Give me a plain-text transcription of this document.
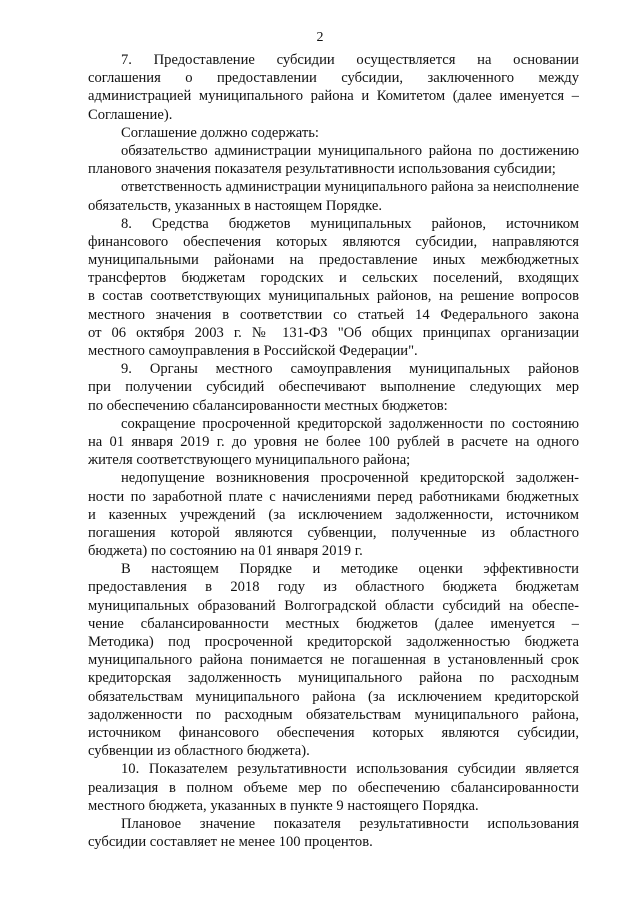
2
7. Предоставление субсидии осуществляется на основании
соглашения о предоставлении субсидии, заключенного между
администрацией муниципального района и Комитетом (далее именуется –
Соглашение).
Соглашение должно содержать:
обязательство администрации муниципального района по достижению
планового значения показателя результативности использования субсидии;
ответственность администрации муниципального района за неисполнение
обязательств, указанных в настоящем Порядке.
8. Средства бюджетов муниципальных районов, источником
финансового обеспечения которых являются субсидии, направляются
муниципальными районами на предоставление иных межбюджетных
трансфертов бюджетам городских и сельских поселений, входящих
в состав соответствующих муниципальных районов, на решение вопросов
местного значения в соответствии со статьей 14 Федерального закона
от 06 октября 2003 г. № 131-ФЗ "Об общих принципах организации
местного самоуправления в Российской Федерации".
9. Органы местного самоуправления муниципальных районов
при получении субсидий обеспечивают выполнение следующих мер
по обеспечению сбалансированности местных бюджетов:
сокращение просроченной кредиторской задолженности по состоянию
на 01 января 2019 г. до уровня не более 100 рублей в расчете на одного
жителя соответствующего муниципального района;
недопущение возникновения просроченной кредиторской задолжен-
ности по заработной плате с начислениями перед работниками бюджетных
и казенных учреждений (за исключением задолженности, источником
погашения которой являются субвенции, полученные из областного
бюджета) по состоянию на 01 января 2019 г.
В настоящем Порядке и методике оценки эффективности
предоставления в 2018 году из областного бюджета бюджетам
муниципальных образований Волгоградской области субсидий на обеспе-
чение сбалансированности местных бюджетов (далее именуется –
Методика) под просроченной кредиторской задолженностью бюджета
муниципального района понимается не погашенная в установленный срок
кредиторская задолженность муниципального района по расходным
обязательствам муниципального района (за исключением кредиторской
задолженности по расходным обязательствам муниципального района,
источником финансового обеспечения которых являются субсидии,
субвенции из областного бюджета).
10. Показателем результативности использования субсидии является
реализация в полном объеме мер по обеспечению сбалансированности
местного бюджета, указанных в пункте 9 настоящего Порядка.
Плановое значение показателя результативности использования
субсидии составляет не менее 100 процентов.
